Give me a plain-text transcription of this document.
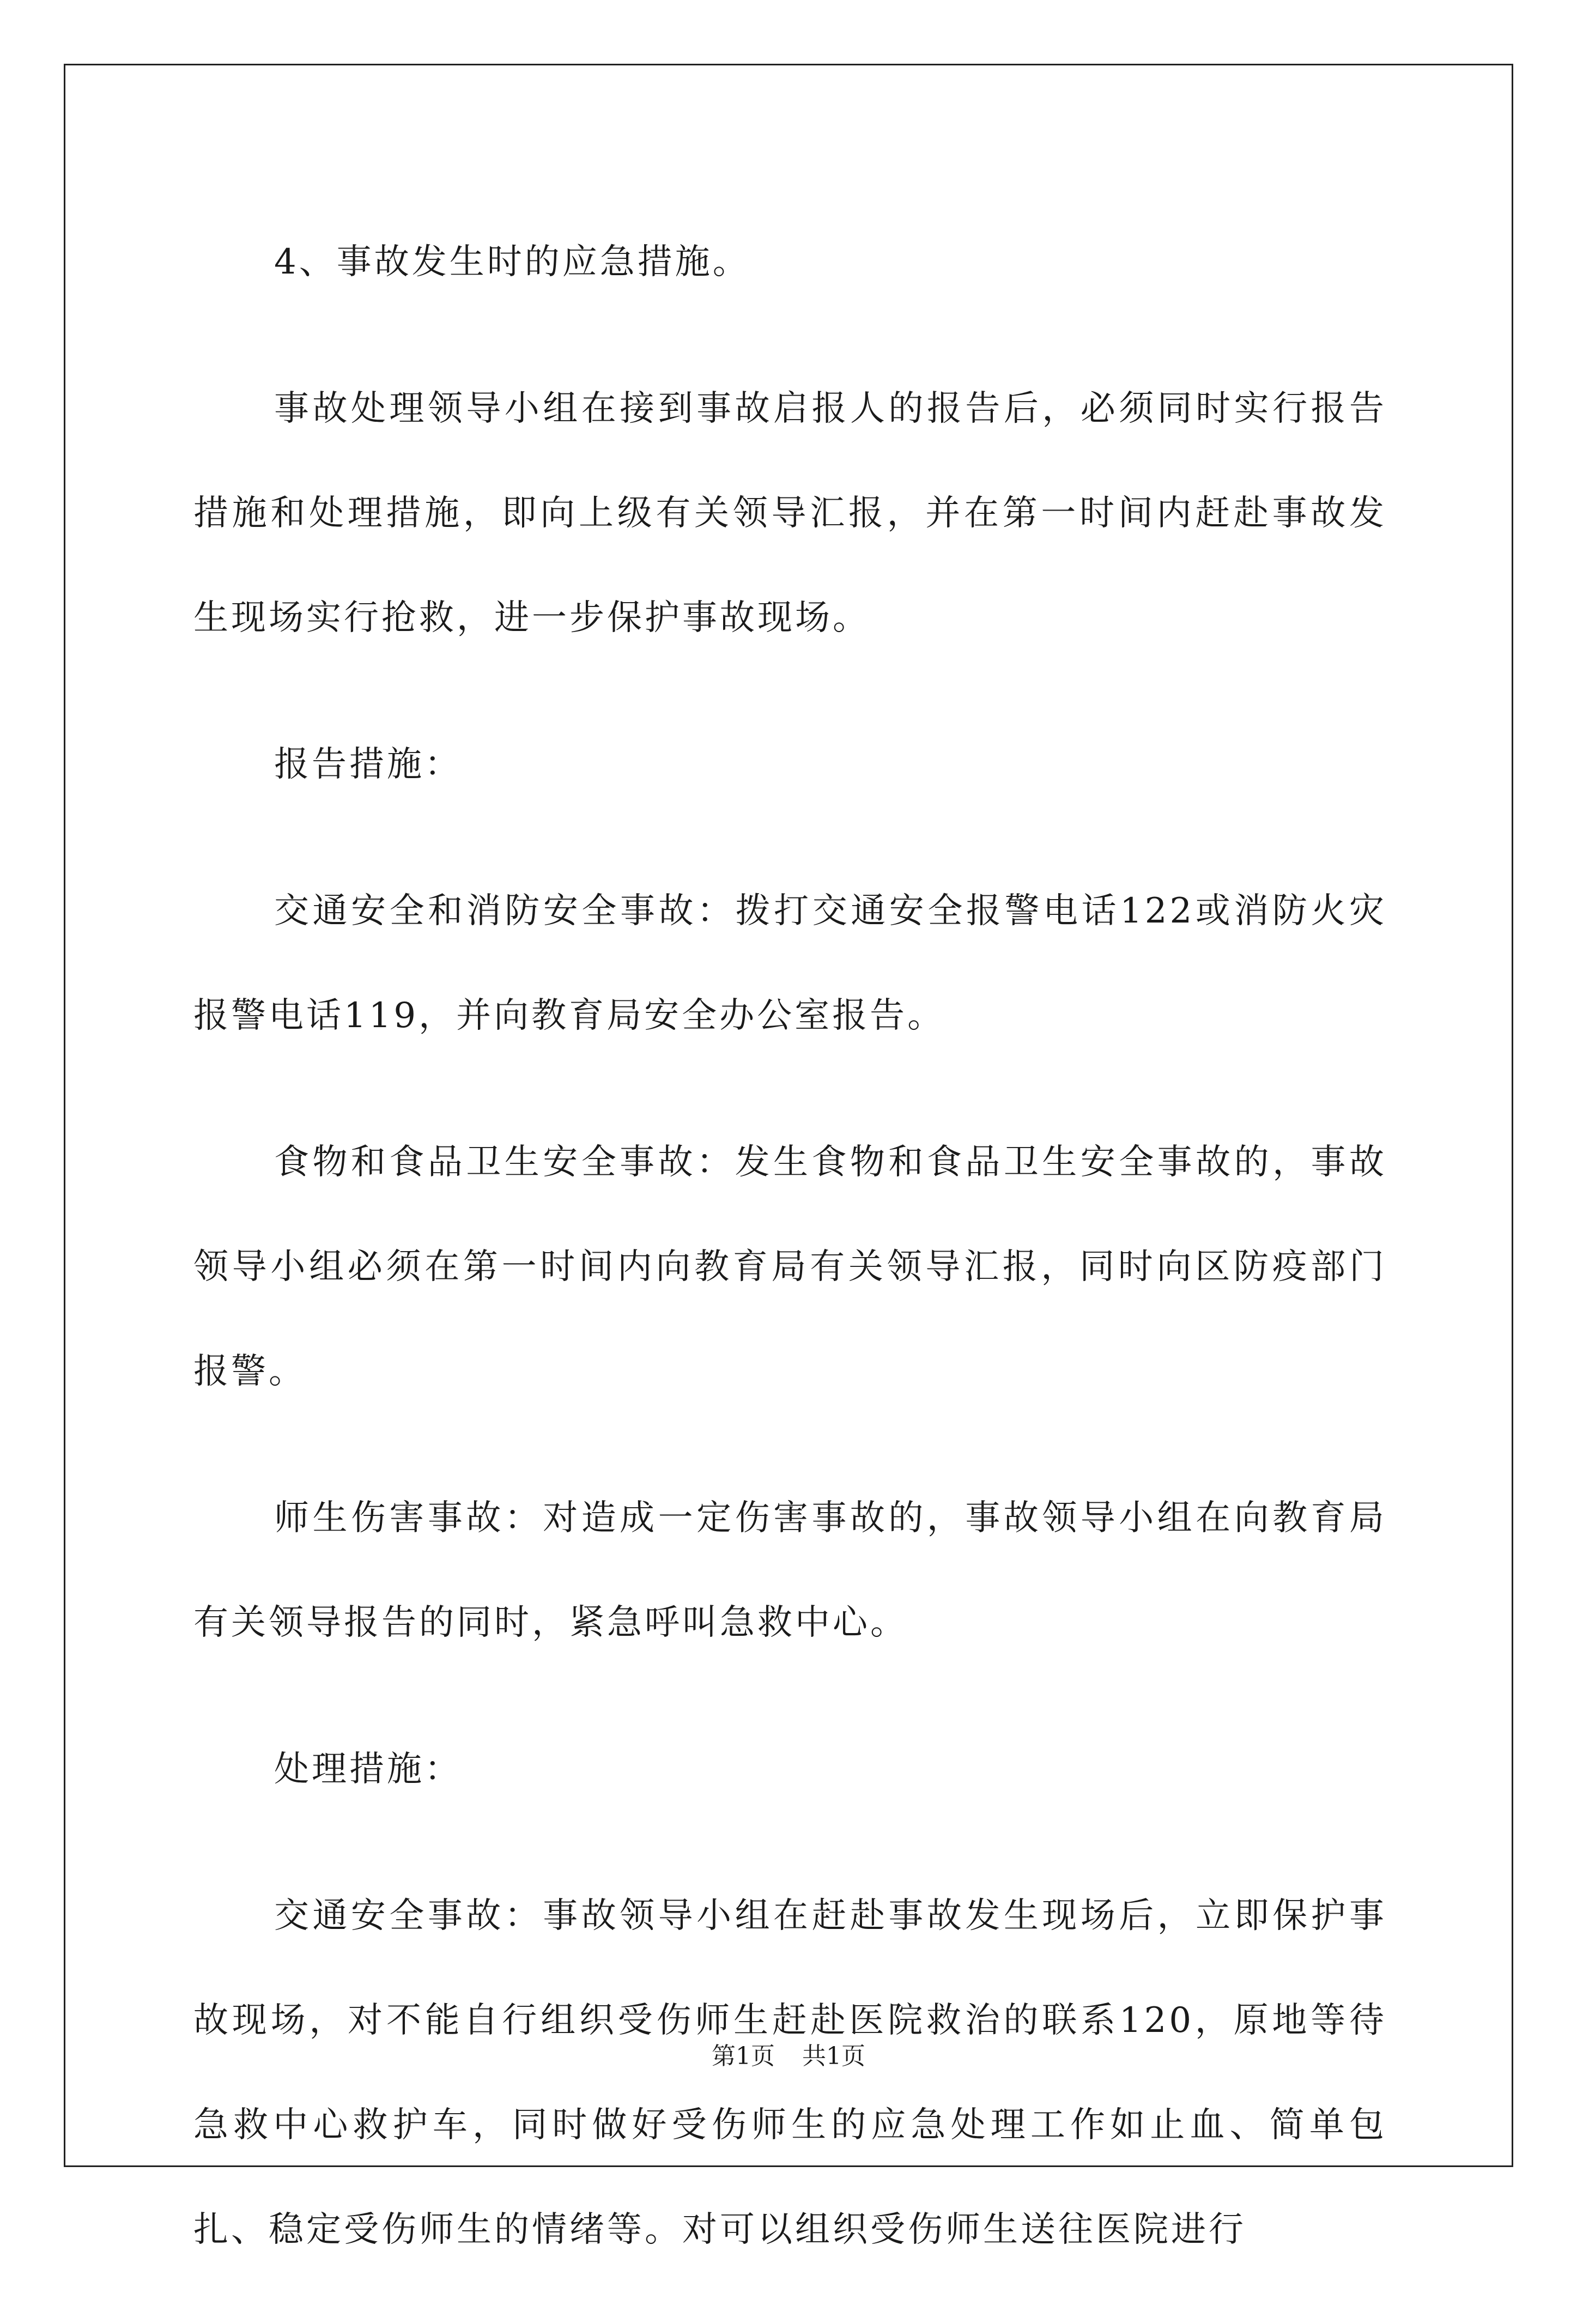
4、事故发生时的应急措施。

事故处理领导小组在接到事故启报人的报告后，必须同时实行报告措施和处理措施，即向上级有关领导汇报，并在第一时间内赶赴事故发生现场实行抢救，进一步保护事故现场。

报告措施：

交通安全和消防安全事故：拨打交通安全报警电话122或消防火灾报警电话119，并向教育局安全办公室报告。

食物和食品卫生安全事故：发生食物和食品卫生安全事故的，事故领导小组必须在第一时间内向教育局有关领导汇报，同时向区防疫部门报警。

师生伤害事故：对造成一定伤害事故的，事故领导小组在向教育局有关领导报告的同时，紧急呼叫急救中心。

处理措施：

交通安全事故：事故领导小组在赶赴事故发生现场后，立即保护事故现场，对不能自行组织受伤师生赶赴医院救治的联系120，原地等待急救中心救护车，同时做好受伤师生的应急处理工作如止血、简单包扎、稳定受伤师生的情绪等。对可以组织受伤师生送往医院进行

第1页 共1页
